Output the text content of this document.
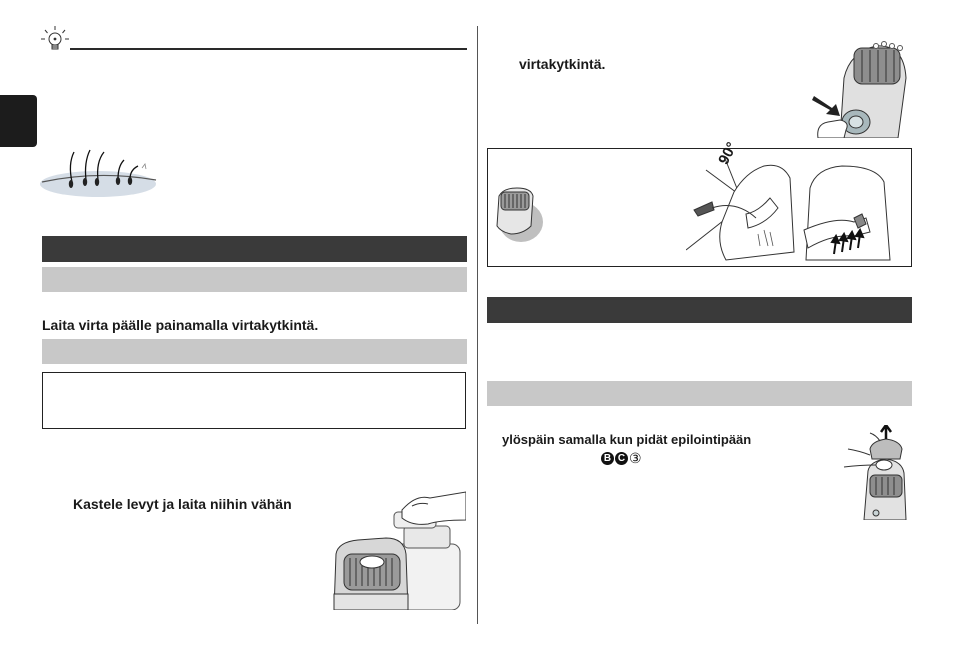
Laita virta päälle painamalla virtakytkintä.
Kastele levyt ja laita niihin vähän
virtakytkintä.
90°
ylöspäin samalla kun pidät epilointipään
B C ③
